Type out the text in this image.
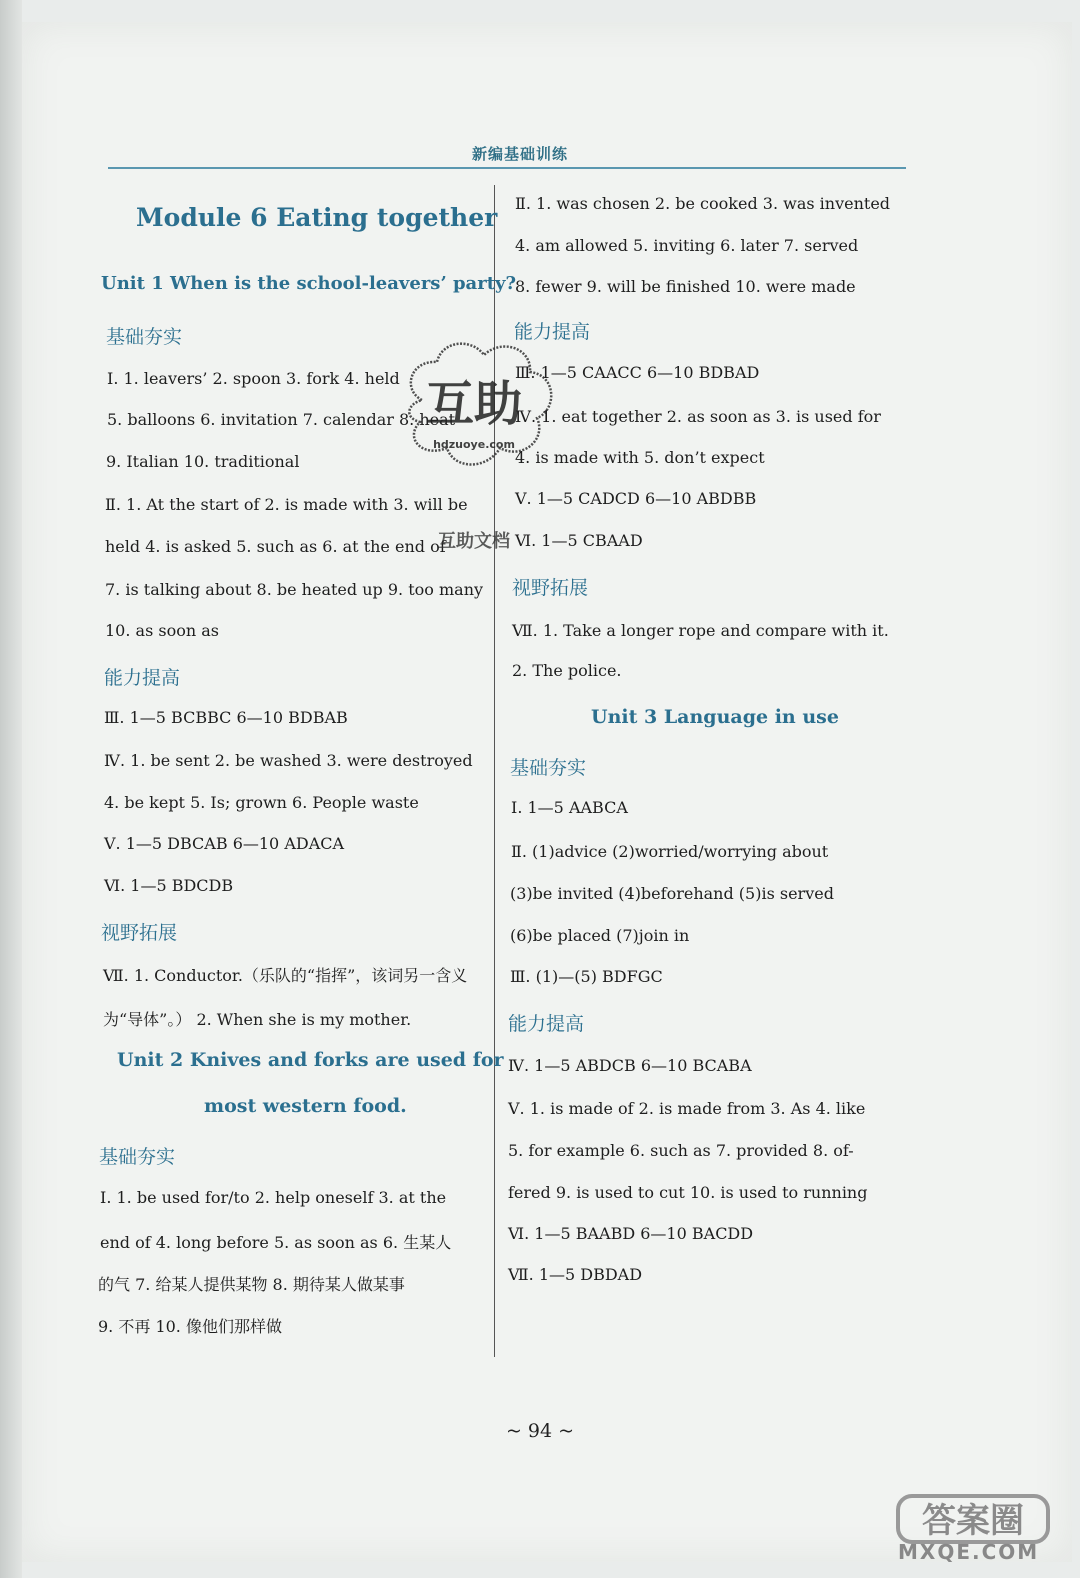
新编基础训练
Module 6 Eating together
Unit 1 When is the school-leavers’ party?
基础夯实
Ⅰ. 1. leavers’ 2. spoon 3. fork 4. held
5. balloons 6. invitation 7. calendar 8. heat
9. Italian 10. traditional
Ⅱ. 1. At the start of 2. is made with 3. will be
held 4. is asked 5. such as 6. at the end of
7. is talking about 8. be heated up 9. too many
10. as soon as
能力提高
Ⅲ. 1—5 BCBBC 6—10 BDBAB
Ⅳ. 1. be sent 2. be washed 3. were destroyed
4. be kept 5. Is; grown 6. People waste
Ⅴ. 1—5 DBCAB 6—10 ADACA
Ⅵ. 1—5 BDCDB
视野拓展
Ⅶ. 1. Conductor.（乐队的“指挥”，该词另一含义
为“导体”。） 2. When she is my mother.
Unit 2 Knives and forks are used for
most western food.
基础夯实
Ⅰ. 1. be used for/to 2. help oneself 3. at the
end of 4. long before 5. as soon as 6. 生某人
的气 7. 给某人提供某物 8. 期待某人做某事
9. 不再 10. 像他们那样做
Ⅱ. 1. was chosen 2. be cooked 3. was invented
4. am allowed 5. inviting 6. later 7. served
8. fewer 9. will be finished 10. were made
能力提高
Ⅲ. 1—5 CAACC 6—10 BDBAD
Ⅳ. 1. eat together 2. as soon as 3. is used for
4. is made with 5. don’t expect
Ⅴ. 1—5 CADCD 6—10 ABDBB
Ⅵ. 1—5 CBAAD
视野拓展
Ⅶ. 1. Take a longer rope and compare with it.
2. The police.
Unit 3 Language in use
基础夯实
Ⅰ. 1—5 AABCA
Ⅱ. (1)advice (2)worried/worrying about
(3)be invited (4)beforehand (5)is served
(6)be placed (7)join in
Ⅲ. (1)—(5) BDFGC
能力提高
Ⅳ. 1—5 ABDCB 6—10 BCABA
Ⅴ. 1. is made of 2. is made from 3. As 4. like
5. for example 6. such as 7. provided 8. of-
fered 9. is used to cut 10. is used to running
Ⅵ. 1—5 BAABD 6—10 BACDD
Ⅶ. 1—5 DBDAD
~ 94 ~
互助
hdzuoye.com
互助文档
答案圈
MXQE.COM
